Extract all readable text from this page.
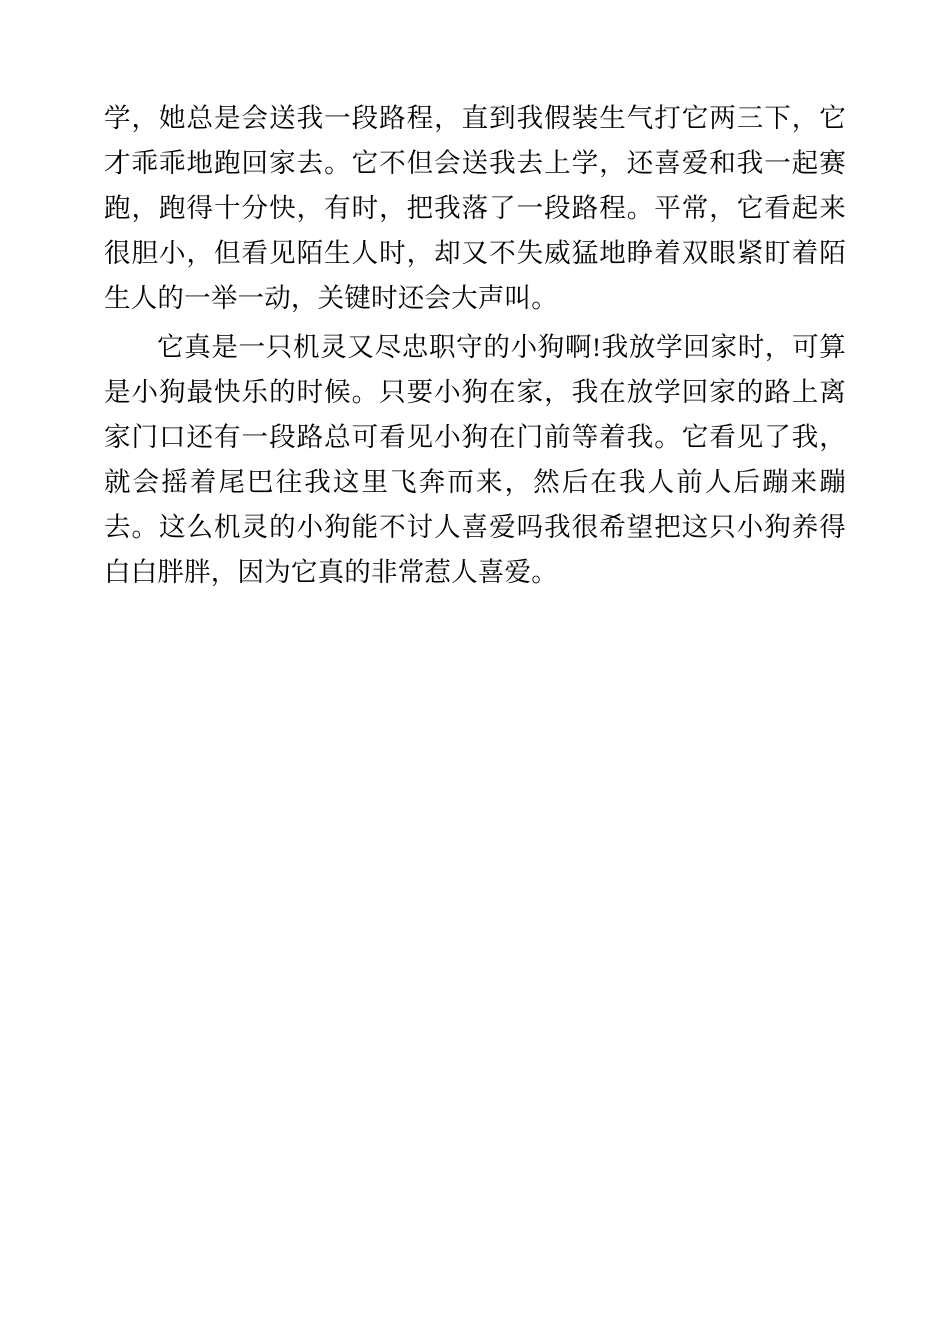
学，她总是会送我一段路程，直到我假装生气打它两三下，它才乖乖地跑回家去。它不但会送我去上学，还喜爱和我一起赛跑，跑得十分快，有时，把我落了一段路程。平常，它看起来很胆小，但看见陌生人时，却又不失威猛地睁着双眼紧盯着陌生人的一举一动，关键时还会大声叫。

它真是一只机灵又尽忠职守的小狗啊!我放学回家时，可算是小狗最快乐的时候。只要小狗在家，我在放学回家的路上离家门口还有一段路总可看见小狗在门前等着我。它看见了我，就会摇着尾巴往我这里飞奔而来，然后在我人前人后蹦来蹦去。这么机灵的小狗能不讨人喜爱吗我很希望把这只小狗养得白白胖胖，因为它真的非常惹人喜爱。
